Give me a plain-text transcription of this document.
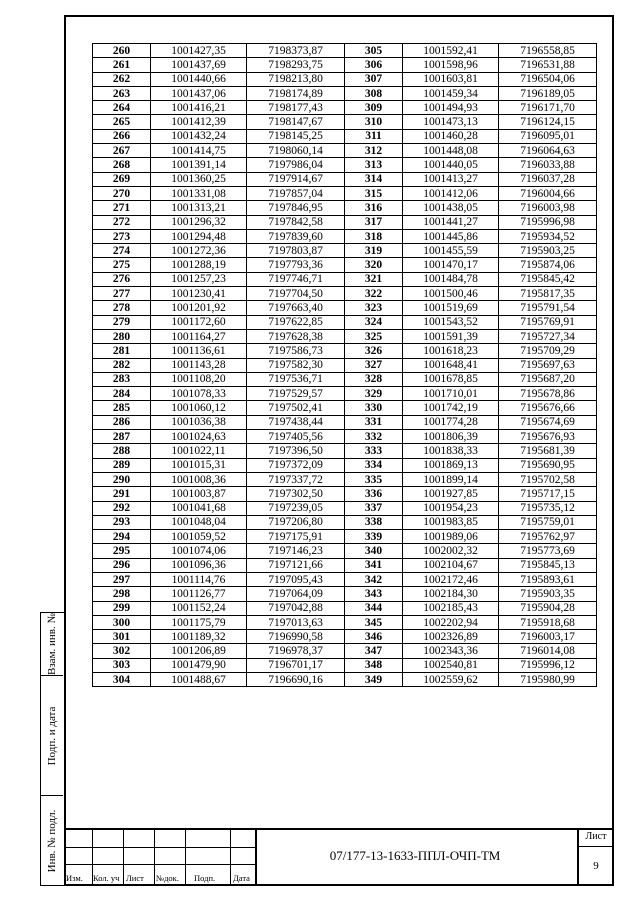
260	1001427,35	7198373,87	305	1001592,41	7196558,85
261	1001437,69	7198293,75	306	1001598,96	7196531,88
262	1001440,66	7198213,80	307	1001603,81	7196504,06
263	1001437,06	7198174,89	308	1001459,34	7196189,05
264	1001416,21	7198177,43	309	1001494,93	7196171,70
265	1001412,39	7198147,67	310	1001473,13	7196124,15
266	1001432,24	7198145,25	311	1001460,28	7196095,01
267	1001414,75	7198060,14	312	1001448,08	7196064,63
268	1001391,14	7197986,04	313	1001440,05	7196033,88
269	1001360,25	7197914,67	314	1001413,27	7196037,28
270	1001331,08	7197857,04	315	1001412,06	7196004,66
271	1001313,21	7197846,95	316	1001438,05	7196003,98
272	1001296,32	7197842,58	317	1001441,27	7195996,98
273	1001294,48	7197839,60	318	1001445,86	7195934,52
274	1001272,36	7197803,87	319	1001455,59	7195903,25
275	1001288,19	7197793,36	320	1001470,17	7195874,06
276	1001257,23	7197746,71	321	1001484,78	7195845,42
277	1001230,41	7197704,50	322	1001500,46	7195817,35
278	1001201,92	7197663,40	323	1001519,69	7195791,54
279	1001172,60	7197622,85	324	1001543,52	7195769,91
280	1001164,27	7197628,38	325	1001591,39	7195727,34
281	1001136,61	7197586,73	326	1001618,23	7195709,29
282	1001143,28	7197582,30	327	1001648,41	7195697,63
283	1001108,20	7197536,71	328	1001678,85	7195687,20
284	1001078,33	7197529,57	329	1001710,01	7195678,86
285	1001060,12	7197502,41	330	1001742,19	7195676,66
286	1001036,38	7197438,44	331	1001774,28	7195674,69
287	1001024,63	7197405,56	332	1001806,39	7195676,93
288	1001022,11	7197396,50	333	1001838,33	7195681,39
289	1001015,31	7197372,09	334	1001869,13	7195690,95
290	1001008,36	7197337,72	335	1001899,14	7195702,58
291	1001003,87	7197302,50	336	1001927,85	7195717,15
292	1001041,68	7197239,05	337	1001954,23	7195735,12
293	1001048,04	7197206,80	338	1001983,85	7195759,01
294	1001059,52	7197175,91	339	1001989,06	7195762,97
295	1001074,06	7197146,23	340	1002002,32	7195773,69
296	1001096,36	7197121,66	341	1002104,67	7195845,13
297	1001114,76	7197095,43	342	1002172,46	7195893,61
298	1001126,77	7197064,09	343	1002184,30	7195903,35
299	1001152,24	7197042,88	344	1002185,43	7195904,28
300	1001175,79	7197013,63	345	1002202,94	7195918,68
301	1001189,32	7196990,58	346	1002326,89	7196003,17
302	1001206,89	7196978,37	347	1002343,36	7196014,08
303	1001479,90	7196701,17	348	1002540,81	7195996,12
304	1001488,67	7196690,16	349	1002559,62	7195980,99
Взам. инв. №
Подп. и дата
Инв. № подл.
Изм. Кол. уч Лист №док. Подп. Дата
07/177-13-1633-ППЛ-ОЧП-ТМ
Лист
9
